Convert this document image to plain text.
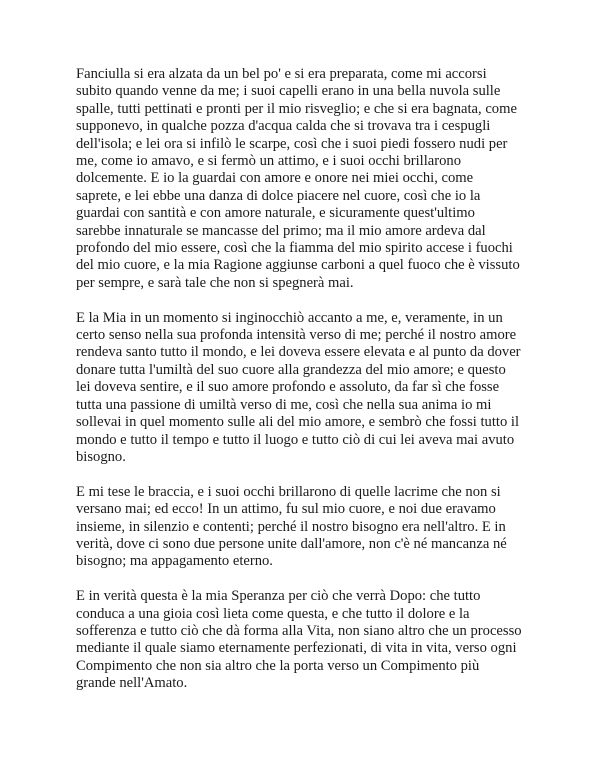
Fanciulla si era alzata da un bel po' e si era preparata, come mi accorsi
subito quando venne da me; i suoi capelli erano in una bella nuvola sulle
spalle, tutti pettinati e pronti per il mio risveglio; e che si era bagnata, come
supponevo, in qualche pozza d'acqua calda che si trovava tra i cespugli
dell'isola; e lei ora si infilò le scarpe, così che i suoi piedi fossero nudi per
me, come io amavo, e si fermò un attimo, e i suoi occhi brillarono
dolcemente. E io la guardai con amore e onore nei miei occhi, come
saprete, e lei ebbe una danza di dolce piacere nel cuore, così che io la
guardai con santità e con amore naturale, e sicuramente quest'ultimo
sarebbe innaturale se mancasse del primo; ma il mio amore ardeva dal
profondo del mio essere, così che la fiamma del mio spirito accese i fuochi
del mio cuore, e la mia Ragione aggiunse carboni a quel fuoco che è vissuto
per sempre, e sarà tale che non si spegnerà mai.

E la Mia in un momento si inginocchiò accanto a me, e, veramente, in un
certo senso nella sua profonda intensità verso di me; perché il nostro amore
rendeva santo tutto il mondo, e lei doveva essere elevata e al punto da dover
donare tutta l'umiltà del suo cuore alla grandezza del mio amore; e questo
lei doveva sentire, e il suo amore profondo e assoluto, da far sì che fosse
tutta una passione di umiltà verso di me, così che nella sua anima io mi
sollevai in quel momento sulle ali del mio amore, e sembrò che fossi tutto il
mondo e tutto il tempo e tutto il luogo e tutto ciò di cui lei aveva mai avuto
bisogno.

E mi tese le braccia, e i suoi occhi brillarono di quelle lacrime che non si
versano mai; ed ecco! In un attimo, fu sul mio cuore, e noi due eravamo
insieme, in silenzio e contenti; perché il nostro bisogno era nell'altro. E in
verità, dove ci sono due persone unite dall'amore, non c'è né mancanza né
bisogno; ma appagamento eterno.

E in verità questa è la mia Speranza per ciò che verrà Dopo: che tutto
conduca a una gioia così lieta come questa, e che tutto il dolore e la
sofferenza e tutto ciò che dà forma alla Vita, non siano altro che un processo
mediante il quale siamo eternamente perfezionati, di vita in vita, verso ogni
Compimento che non sia altro che la porta verso un Compimento più
grande nell'Amato.
